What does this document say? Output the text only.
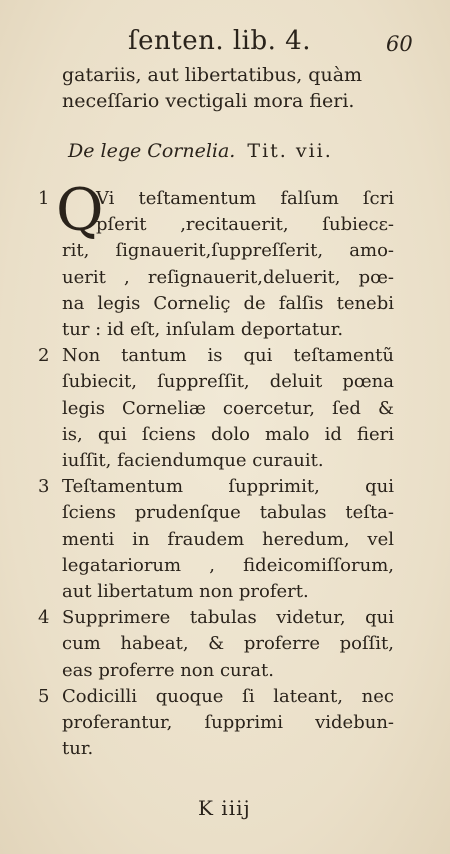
ſenten. lib. 4.	60
gatariis, aut libertatibus, quàm
neceſſario vectigali mora fieri.
De lege Cornelia. Tit. vii.
1	Vi teſtamentum falſum ſcri
pſerit ,recitauerit, ſubiecε-
rit, ſignauerit,ſuppreſſerit, amo-
uerit , reſignauerit,deluerit, pœ-
na legis Corneliç de falſis tenebi
tur : id eſt, inſulam deportatur.
Q
2 Non tantum is qui teſtamentũ
ſubiecit, ſuppreſſit, deluit pœna
legis Corneliæ coercetur, ſed &
is, qui ſciens dolo malo id fieri
iuſſit, faciendumque curauit.
3 Teſtamentum ſupprimit, qui
ſciens prudenſque tabulas teſta-
menti in fraudem heredum, vel
legatariorum , fideicomiſſorum,
aut libertatum non profert.
4 Supprimere tabulas videtur, qui
cum habeat, & proferre poſſit,
eas proferre non curat.
5 Codicilli quoque ſi lateant, nec
proferantur, ſupprimi videbun-
tur.
K iiij
